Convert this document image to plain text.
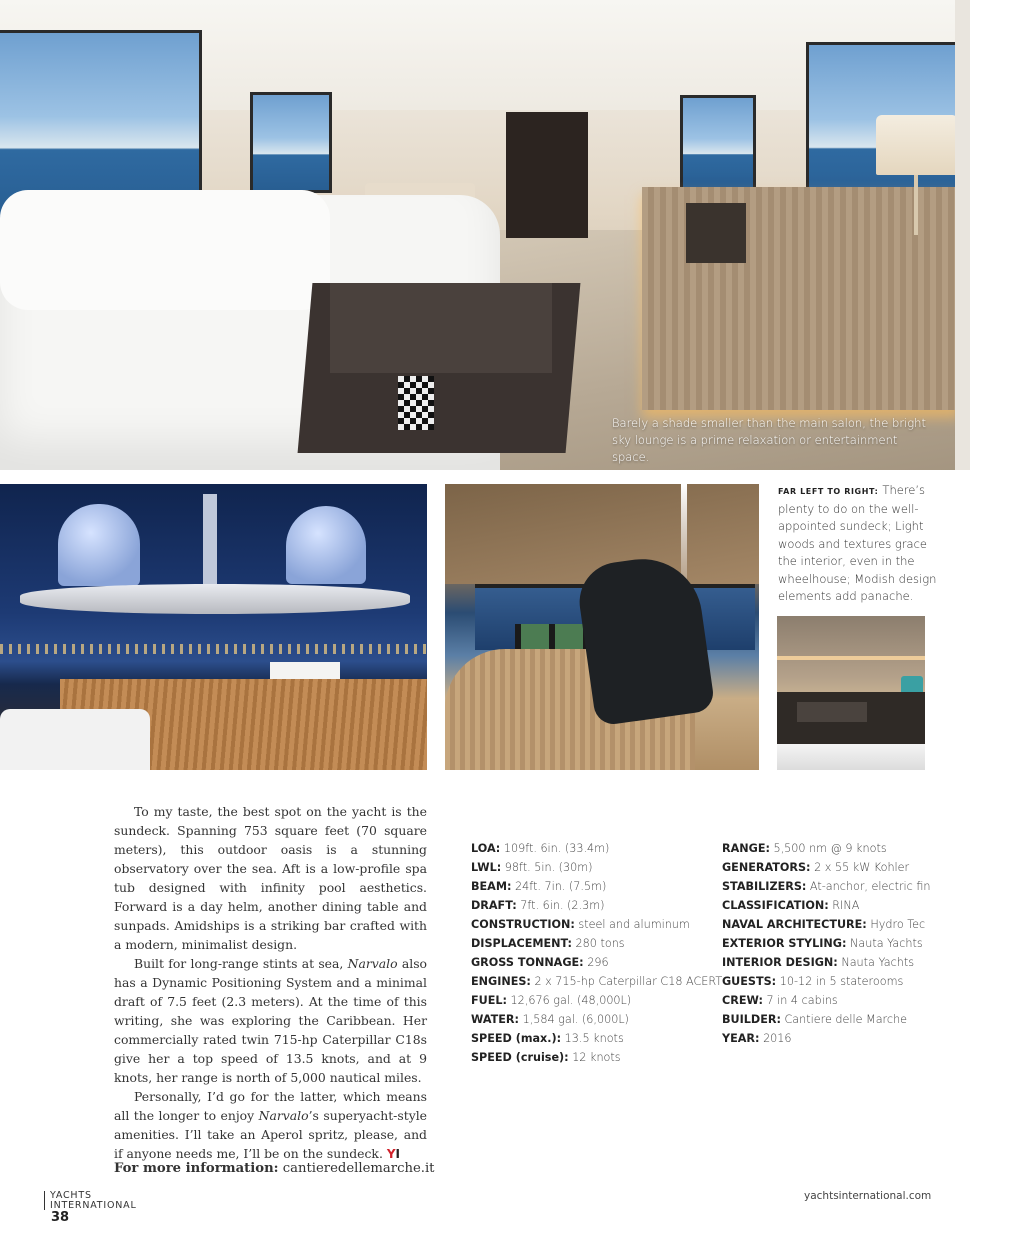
Barely a shade smaller than the main salon, the bright sky lounge is a prime relaxation or entertainment space.
FAR LEFT TO RIGHT: There’s plenty to do on the well-appointed sundeck; Light woods and textures grace the interior, even in the wheelhouse; Modish design elements add panache.

To my taste, the best spot on the yacht is the sundeck. Spanning 753 square feet (70 square meters), this outdoor oasis is a stunning observatory over the sea. Aft is a low-profile spa tub designed with infinity pool aesthetics. Forward is a day helm, another dining table and sunpads. Amidships is a striking bar crafted with a modern, minimalist design.

Built for long-range stints at sea, Narvalo also has a Dynamic Positioning System and a minimal draft of 7.5 feet (2.3 meters). At the time of this writing, she was exploring the Caribbean. Her commercially rated twin 715-hp Caterpillar C18s give her a top speed of 13.5 knots, and at 9 knots, her range is north of 5,000 nautical miles.

Personally, I’d go for the latter, which means all the longer to enjoy Narvalo’s superyacht-style amenities. I’ll take an Aperol spritz, please, and if anyone needs me, I’ll be on the sundeck. YI

For more information: cantieredellemarche.it
LOA: 109ft. 6in. (33.4m)
LWL: 98ft. 5in. (30m)
BEAM: 24ft. 7in. (7.5m)
DRAFT: 7ft. 6in. (2.3m)
CONSTRUCTION: steel and aluminum
DISPLACEMENT: 280 tons
GROSS TONNAGE: 296
ENGINES: 2 x 715-hp Caterpillar C18 ACERT
FUEL: 12,676 gal. (48,000L)
WATER: 1,584 gal. (6,000L)
SPEED (max.): 13.5 knots
SPEED (cruise): 12 knots
RANGE: 5,500 nm @ 9 knots
GENERATORS: 2 x 55 kW Kohler
STABILIZERS: At-anchor, electric fin
CLASSIFICATION: RINA
NAVAL ARCHITECTURE: Hydro Tec
EXTERIOR STYLING: Nauta Yachts
INTERIOR DESIGN: Nauta Yachts
GUESTS: 10-12 in 5 staterooms
CREW: 7 in 4 cabins
BUILDER: Cantiere delle Marche
YEAR: 2016
YACHTS
INTERNATIONAL
38
yachtsinternational.com
